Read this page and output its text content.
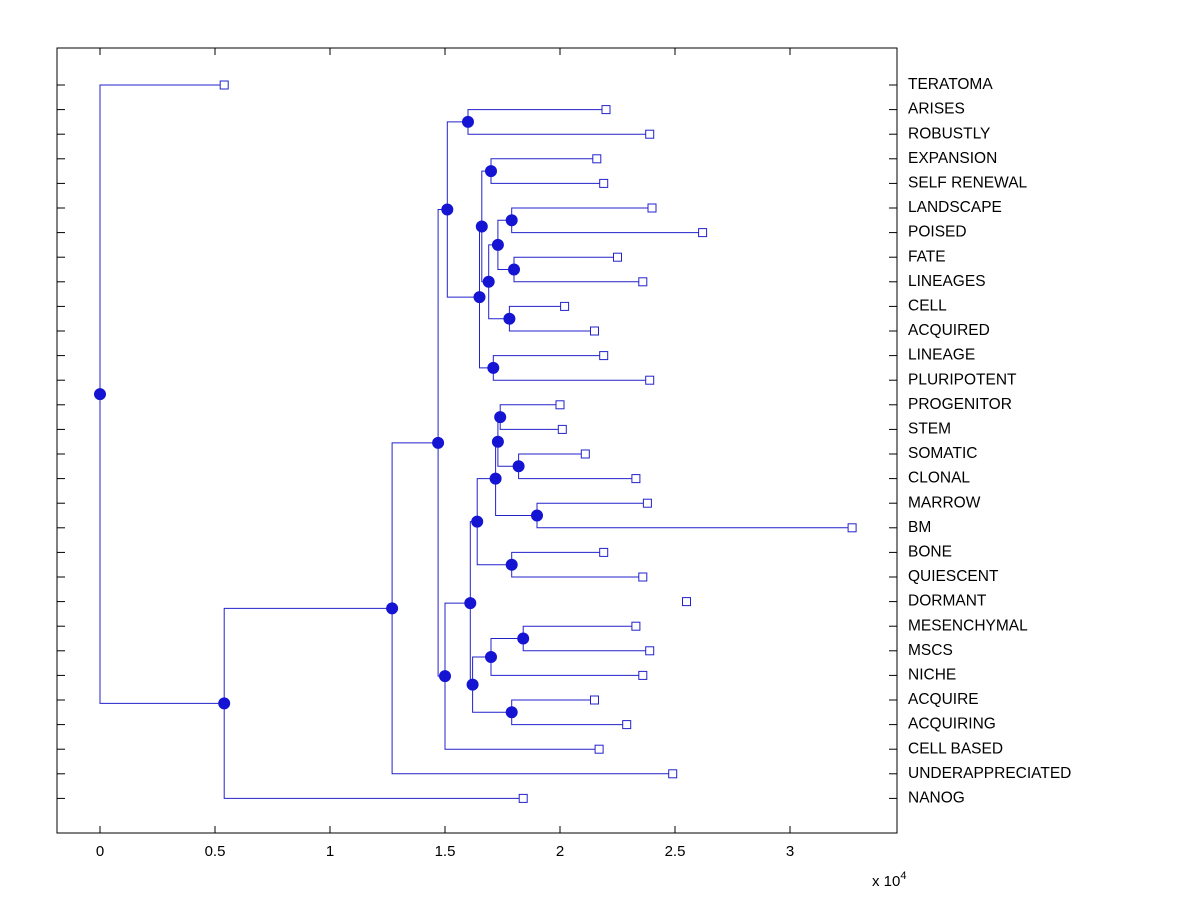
0	0.5	1	1.5	2	2.5	3
TERATOMA
ARISES
ROBUSTLY
EXPANSION
SELF RENEWAL
LANDSCAPE
POISED
FATE
LINEAGES
CELL
ACQUIRED
LINEAGE
PLURIPOTENT
PROGENITOR
STEM
SOMATIC
CLONAL
MARROW
BM
BONE
QUIESCENT
DORMANT
MESENCHYMAL
MSCS
NICHE
ACQUIRE
ACQUIRING
CELL BASED
UNDERAPPRECIATED
NANOG
x $10^4$
